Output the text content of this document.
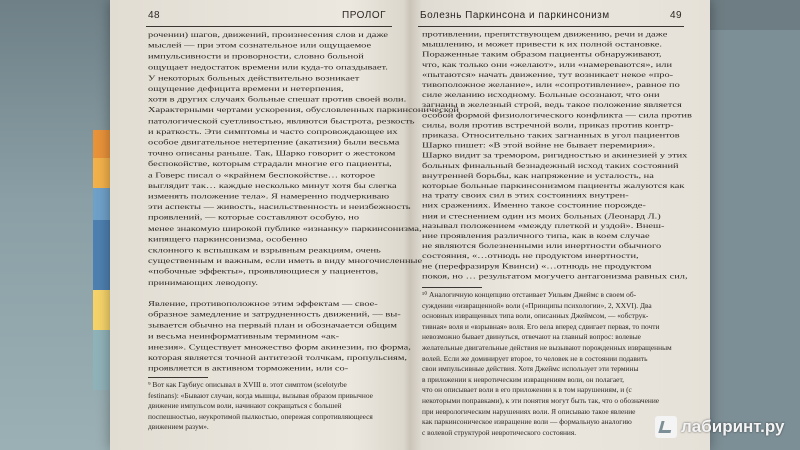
48	ПРОЛОГ

рочении) шагов, движений, произнесения слов и даже

мыслей — при этом сознательное или ощущаемое

импульсивности и проворности, словно больной

ощущает недостаток времени или куда-то опаздывает.

У некоторых больных действительно возникает

ощущение дефицита времени и нетерпения,

хотя в других случаях больные спешат против своей воли.

Характерными чертами ускорения, обусловленных паркинсонической

патологической суетливостью, являются быстрота, резкость

и краткость. Эти симптомы и часто сопровождающее их

особое двигательное нетерпение (акатизия) были весьма

точно описаны раньше. Так, Шарко говорит о жестоком

беспокойстве, которым страдали многие его пациенты,

а Говерс писал о «крайнем беспокойстве… которое

выглядит так… каждые несколько минут хотя бы слегка

изменять положение тела». Я намеренно подчеркиваю

эти аспекты — живость, насильственность и неизбежность

проявлений, — которые составляют особую, но

менее знакомую широкой публике «изнанку» паркинсонизма,

кипящего паркинсонизма, особенно

склонного к вспышкам и взрывным реакциям, очень

существенным и важным, если иметь в виду многочисленные

«побочные эффекты», проявляющиеся у пациентов,

принимающих леводопу.

Явление, противоположное этим эффектам — свое-

образное замедление и затрудненность движений, — вы-

зывается обычно на первый план и обозначается общим

и весьма неинформативным термином «ак-

инезия». Существует множество форм акинезии, по форма,

которая является точной антитезой толчкам, пропульсиям,

проявляется в активном торможении, или со-

⁹ Вот как Гаубиус описывал в XVIII в. этот симптом (scelotyrbe

festinans): «Бывают случаи, когда мышцы, вызывая образом привычное

движение импульсом воли, начинают сокращаться с большей

поспешностью, неукротимой пылкостью, опережая сопротивляющееся

движением разум».

Болезнь Паркинсона и паркинсонизм	49

противлении, препятствующем движению, речи и даже

мышлению, и может привести к их полной остановке.

Пораженные таким образом пациенты обнаруживают,

что, как только они «желают», или «намереваются», или

«пытаются» начать движение, тут возникает некое «про-

тивоположное желание», или «сопротивление», равное по

силе желанию исходному. Больные осознают, что они

загнаны в железный строй, ведь такое положение является

особой формой физиологического конфликта — сила против

силы, воля против встречной воли, приказ против контр-

приказа. Относительно таких загнанных в угол пациентов

Шарко пишет: «В этой войне не бывает перемирия».

Шарко видит за тремором, ригидностью и акинезией у этих

больных финальный безнадежный исход таких состояний

внутренней борьбы, как напряжение и усталость, на

которые больные паркинсонизмом пациенты жалуются как

на трату своих сил в этих состояниях внутрен-

них сражениях. Именно такое состояние порожде-

ния и стеснением один из моих больных (Леонард Л.)

называл положением «между плеткой и уздой». Внеш-

ние проявления различного типа, как в коем случае

не являются болезненными или инертности обычного

состояния, «…отнюдь не продуктом инертности,

не (перефразируя Квинси) «…отнюдь не продуктом

покоя, но … результатом могучего антагонизма равных сил,

¹⁰ Аналогичную концепцию отстаивает Уильям Джеймс в своем об-

суждении «извращенной» воли («Принципы психологии», 2, XXVI). Два

основных извращенных типа воли, описанных Джеймсом, — «обструк-

тивная» воля и «взрывная» воля. Его вела вперед сдвигает первая, то почти

невозможно бывает двинуться, отвечают на главный вопрос: волевые

желательные двигательные действия не вызывают порожденных извращенным

волей. Если же доминирует второе, то человек не в состоянии подавить

свои импульсивные действия. Хотя Джеймс использует эти термины

в приложении к невротическим извращениям воли, он полагает,

что он описывает воли в его приложении к в том нарушениям, и (с

некоторыми поправками), к эти понятия могут быть так, что о обозначение

при неврологическим нарушениях воли. Я описываю такое явление

как паркинсоническое извращение воли — формальную аналогию

с волевой структурой невротического состояния.	лабиринт.ру
